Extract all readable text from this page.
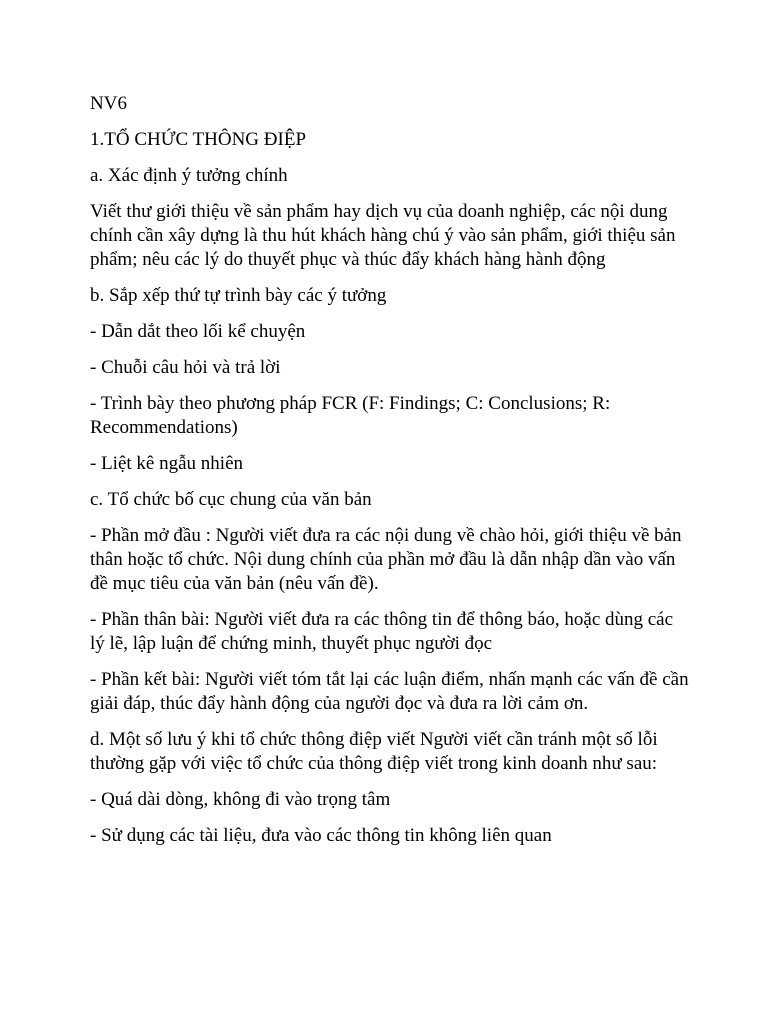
NV6

1.TỔ CHỨC THÔNG ĐIỆP

a. Xác định ý tưởng chính

Viết thư giới thiệu về sản phẩm hay dịch vụ của doanh nghiệp, các nội dung chính cần xây dựng là thu hút khách hàng chú ý vào sản phẩm, giới thiệu sản phẩm; nêu các lý do thuyết phục và thúc đẩy khách hàng hành động

b. Sắp xếp thứ tự trình bày các ý tưởng

- Dẫn dắt theo lối kể chuyện

- Chuỗi câu hỏi và trả lời

- Trình bày theo phương pháp FCR (F: Findings; C: Conclusions; R: Recommendations)

- Liệt kê ngẫu nhiên

c. Tổ chức bố cục chung của văn bản

- Phần mở đầu : Người viết đưa ra các nội dung về chào hỏi, giới thiệu về bản thân hoặc tổ chức. Nội dung chính của phần mở đầu là dẫn nhập dần vào vấn đề mục tiêu của văn bản (nêu vấn đề).

- Phần thân bài: Người viết đưa ra các thông tin để thông báo, hoặc dùng các lý lẽ, lập luận để chứng minh, thuyết phục người đọc

- Phần kết bài: Người viết tóm tắt lại các luận điểm, nhấn mạnh các vấn đề cần giải đáp, thúc đẩy hành động của người đọc và đưa ra lời cảm ơn.

d. Một số lưu ý khi tổ chức thông điệp viết Người viết cần tránh một số lỗi thường gặp với việc tổ chức của thông điệp viết trong kinh doanh như sau:

- Quá dài dòng, không đi vào trọng tâm

- Sử dụng các tài liệu, đưa vào các thông tin không liên quan
